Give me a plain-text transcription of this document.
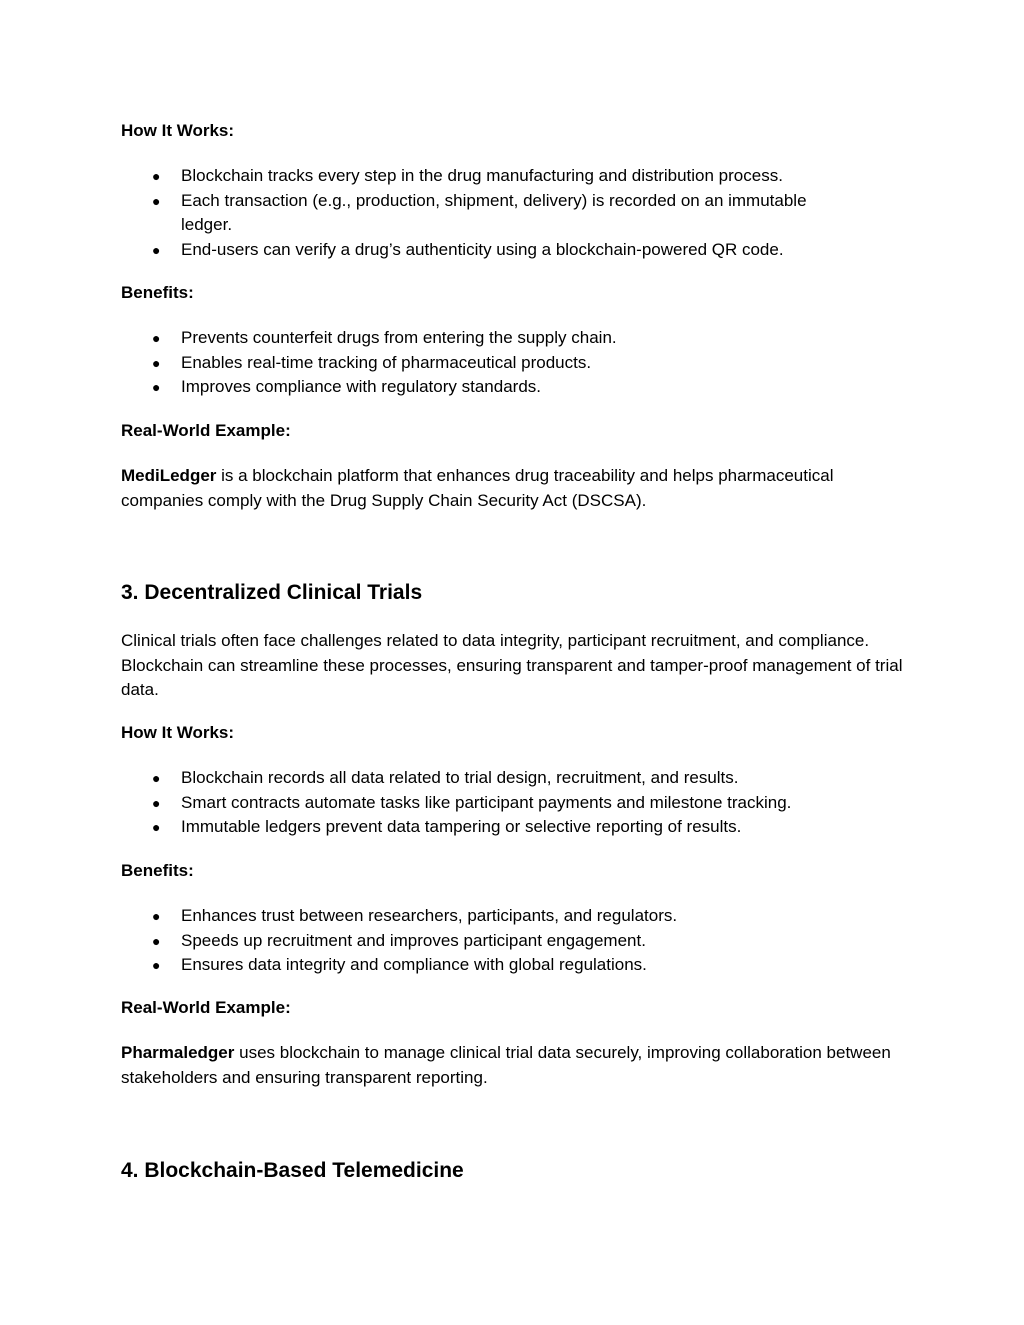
How It Works:
● Blockchain tracks every step in the drug manufacturing and distribution process.
● Each transaction (e.g., production, shipment, delivery) is recorded on an immutable ledger.
● End-users can verify a drug’s authenticity using a blockchain-powered QR code.
Benefits:
● Prevents counterfeit drugs from entering the supply chain.
● Enables real-time tracking of pharmaceutical products.
● Improves compliance with regulatory standards.
Real-World Example:

MediLedger is a blockchain platform that enhances drug traceability and helps pharmaceutical companies comply with the Drug Supply Chain Security Act (DSCSA).

3. Decentralized Clinical Trials

Clinical trials often face challenges related to data integrity, participant recruitment, and compliance. Blockchain can streamline these processes, ensuring transparent and tamper-proof management of trial data.

How It Works:
● Blockchain records all data related to trial design, recruitment, and results.
● Smart contracts automate tasks like participant payments and milestone tracking.
● Immutable ledgers prevent data tampering or selective reporting of results.
Benefits:
● Enhances trust between researchers, participants, and regulators.
● Speeds up recruitment and improves participant engagement.
● Ensures data integrity and compliance with global regulations.
Real-World Example:

Pharmaledger uses blockchain to manage clinical trial data securely, improving collaboration between stakeholders and ensuring transparent reporting.

4. Blockchain-Based Telemedicine
